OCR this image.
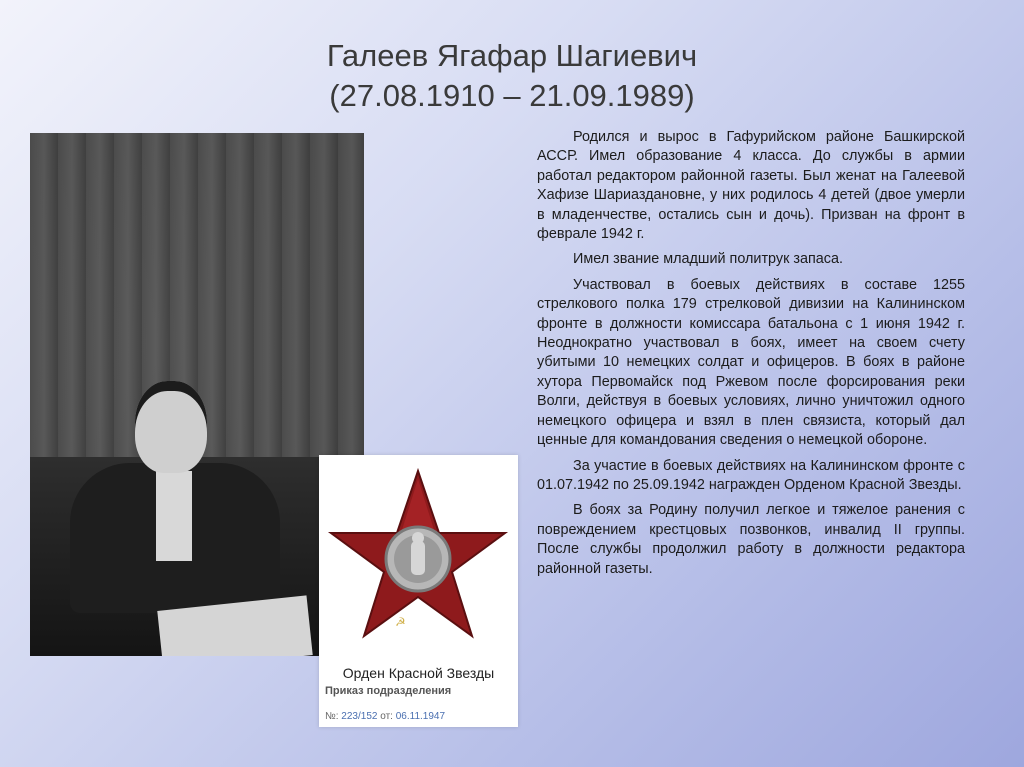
Галеев Ягафар Шагиевич
(27.08.1910 – 21.09.1989)
☭
Орден Красной Звезды
Приказ подразделения
№: 223/152 от: 06.11.1947

Родился и вырос в Гафурийском районе Башкирской АССР. Имел образование 4 класса. До службы в армии работал редактором районной газеты. Был женат на Галеевой Хафизе Шариаздановне, у них родилось 4 детей (двое умерли в младенчестве, остались сын и дочь). Призван на фронт в феврале 1942 г.

Имел звание младший политрук запаса.

Участвовал в боевых действиях в составе 1255 стрелкового полка 179 стрелковой дивизии на Калининском фронте в должности комиссара батальона с 1 июня 1942 г. Неоднократно участвовал в боях, имеет на своем счету убитыми 10 немецких солдат и офицеров. В боях в районе хутора Первомайск под Ржевом после форсирования реки Волги, действуя в боевых условиях, лично уничтожил одного немецкого офицера и взял в плен связиста, который дал ценные для командования сведения о немецкой обороне.

За участие в боевых действиях на Калининском фронте с 01.07.1942 по 25.09.1942 награжден Орденом Красной Звезды.

В боях за Родину получил легкое и тяжелое ранения с повреждением крестцовых позвонков, инвалид II группы. После службы продолжил работу в должности редактора районной газеты.
